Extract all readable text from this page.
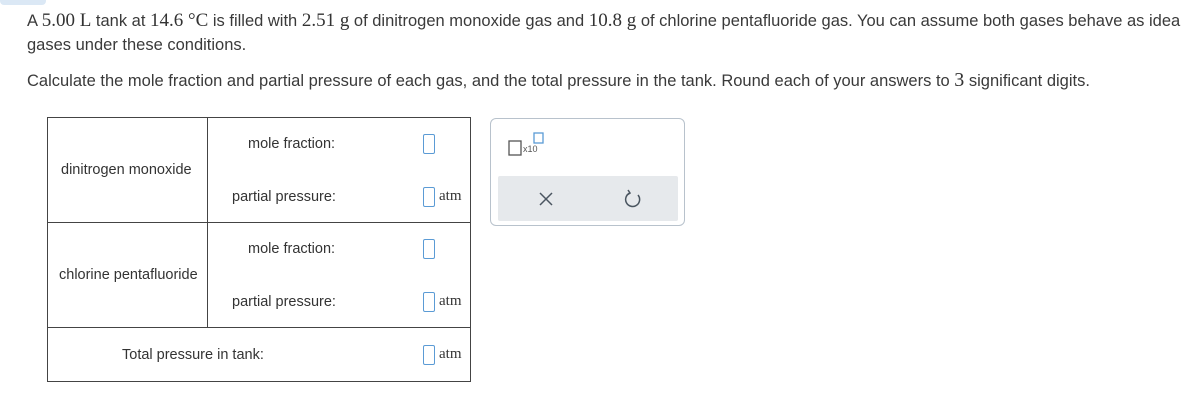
A 5.00 L tank at 14.6 °C is filled with 2.51 g of dinitrogen monoxide gas and 10.8 g of chlorine pentafluoride gas. You can assume both gases behave as idea
gases under these conditions.
Calculate the mole fraction and partial pressure of each gas, and the total pressure in the tank. Round each of your answers to 3 significant digits.
dinitrogen monoxide
mole fraction:
partial pressure:	atm
chlorine pentafluoride
mole fraction:
partial pressure:	atm
Total pressure in tank:	atm
x10
